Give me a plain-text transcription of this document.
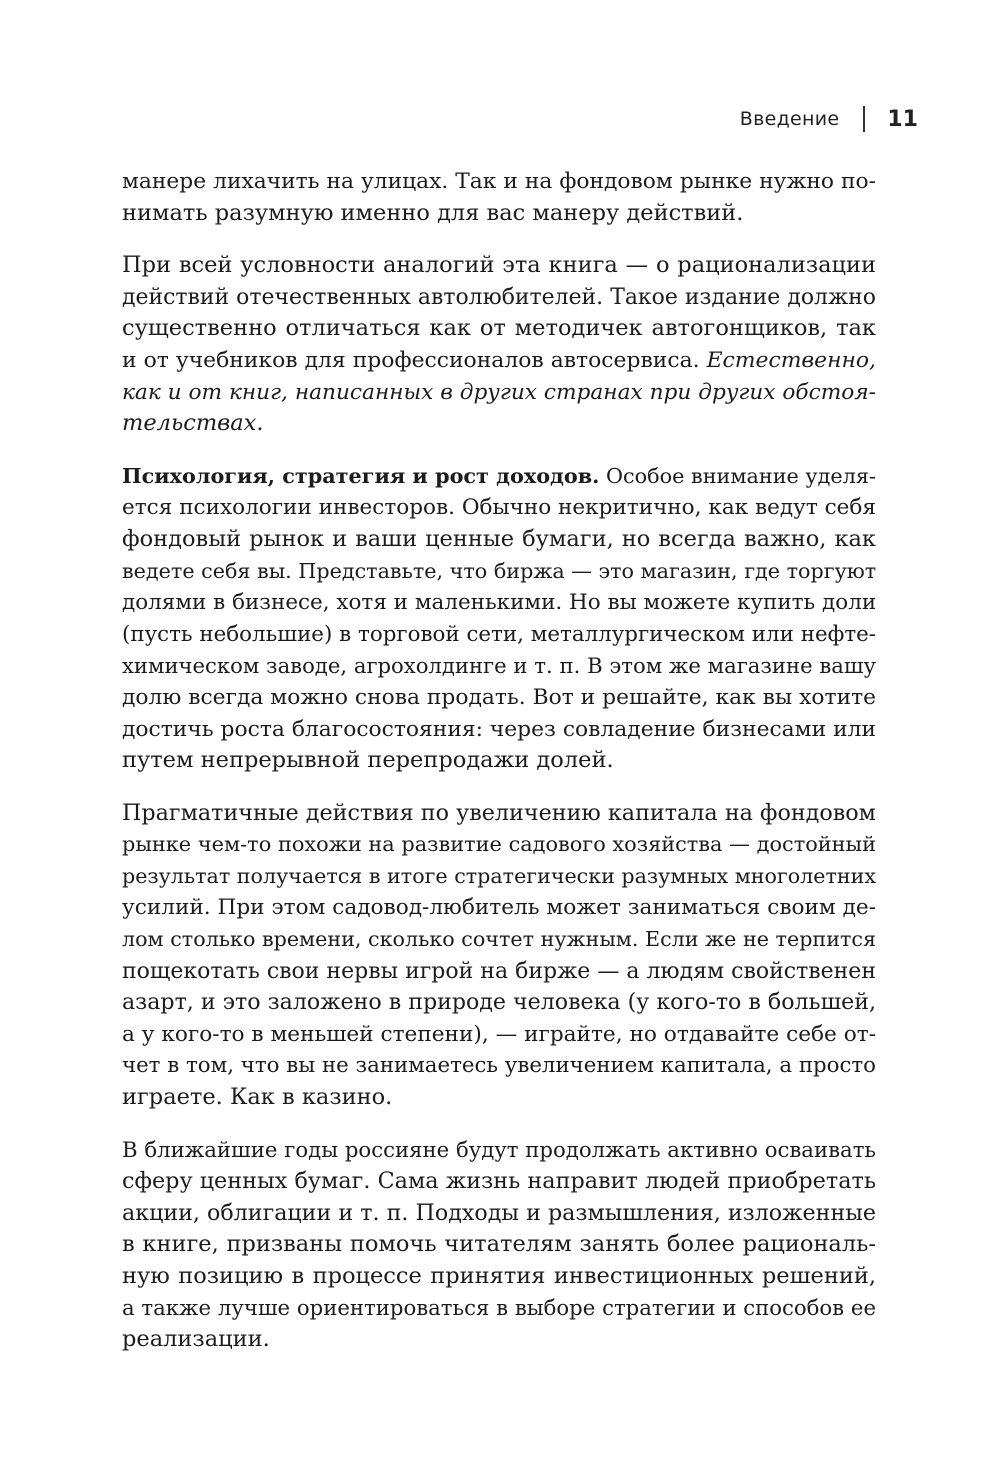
Введение 11

манере лихачить на улицах. Так и на фондовом рынке нужно по-
нимать разумную именно для вас манеру действий.

При всей условности аналогий эта книга — о рационализации
действий отечественных автолюбителей. Такое издание должно
существенно отличаться как от методичек автогонщиков, так
и от учебников для профессионалов автосервиса. Естественно,
как и от книг, написанных в других странах при других обстоя-
тельствах.

Психология, стратегия и рост доходов. Особое внимание уделя-
ется психологии инвесторов. Обычно некритично, как ведут себя
фондовый рынок и ваши ценные бумаги, но всегда важно, как
ведете себя вы. Представьте, что биржа — это магазин, где торгуют
долями в бизнесе, хотя и маленькими. Но вы можете купить доли
(пусть небольшие) в торговой сети, металлургическом или нефте-
химическом заводе, агрохолдинге и т. п. В этом же магазине вашу
долю всегда можно снова продать. Вот и решайте, как вы хотите
достичь роста благосостояния: через совладение бизнесами или
путем непрерывной перепродажи долей.

Прагматичные действия по увеличению капитала на фондовом
рынке чем-то похожи на развитие садового хозяйства — достойный
результат получается в итоге стратегически разумных многолетних
усилий. При этом садовод-любитель может заниматься своим де-
лом столько времени, сколько сочтет нужным. Если же не терпится
пощекотать свои нервы игрой на бирже — а людям свойственен
азарт, и это заложено в природе человека (у кого-то в большей,
а у кого-то в меньшей степени), — играйте, но отдавайте себе от-
чет в том, что вы не занимаетесь увеличением капитала, а просто
играете. Как в казино.

В ближайшие годы россияне будут продолжать активно осваивать
сферу ценных бумаг. Сама жизнь направит людей приобретать
акции, облигации и т. п. Подходы и размышления, изложенные
в книге, призваны помочь читателям занять более рациональ-
ную позицию в процессе принятия инвестиционных решений,
а также лучше ориентироваться в выборе стратегии и способов ее
реализации.
